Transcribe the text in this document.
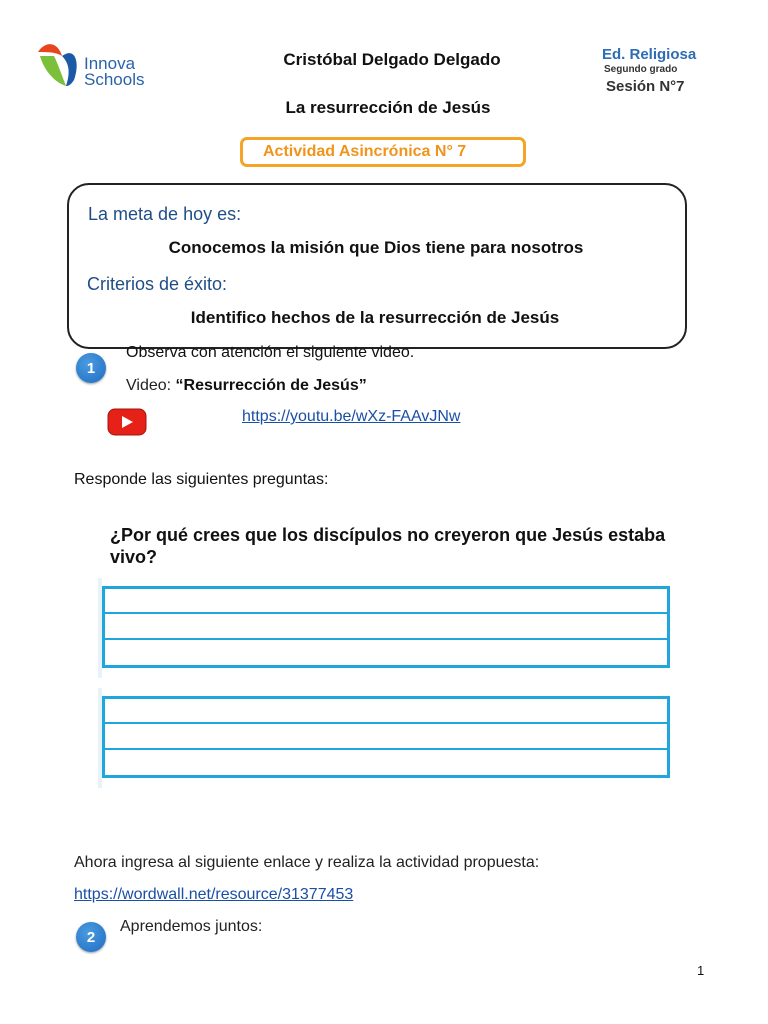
Innova
Schools
Cristóbal Delgado Delgado	Ed. Religiosa
Segundo grado
Sesión N°7
La resurrección de Jesús
Actividad Asincrónica N° 7
La meta de hoy es:
Conocemos la misión que Dios tiene para nosotros
Criterios de éxito:
Identifico hechos de la resurrección de Jesús
1
Observa con atención el siguiente video.
Video: “Resurrección de Jesús”
https://youtu.be/wXz-FAAvJNw
Responde las siguientes preguntas:
¿Por qué crees que los discípulos no creyeron que Jesús estaba vivo?
Ahora ingresa al siguiente enlace y realiza la actividad propuesta:
https://wordwall.net/resource/31377453
2
Aprendemos juntos:
1
